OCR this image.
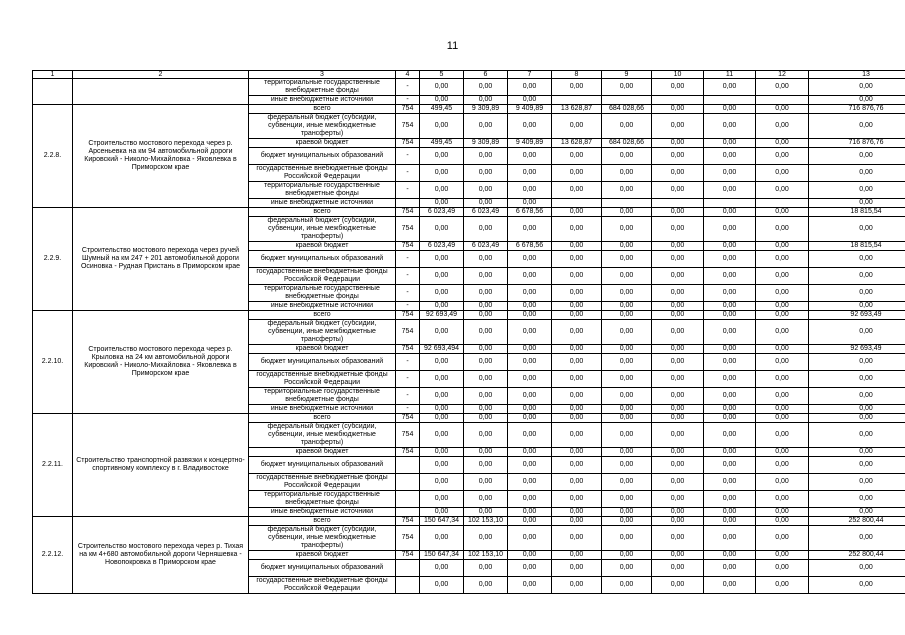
11
1	2	3	4	5	6	7	8	9	10	11	12	13
		территориальные государственные внебюджетные фонды	-	0,00	0,00	0,00	0,00	0,00	0,00	0,00	0,00	0,00
		иные внебюджетные источники	-	0,00	0,00	0,00						0,00
2.2.8.	Строительство мостового перехода через р. Арсеньевка на км 94 автомобильной дороги Кировский - Николо-Михайловка - Яковлевка в Приморском крае	всего	754	499,45	9 309,89	9 409,89	13 628,87	684 028,66	0,00	0,00	0,00	716 876,76
		федеральный бюджет (субсидии, субвенции, иные межбюджетные трансферты)	754	0,00	0,00	0,00	0,00	0,00	0,00	0,00	0,00	0,00
		краевой бюджет	754	499,45	9 309,89	9 409,89	13 628,87	684 028,66	0,00	0,00	0,00	716 876,76
		бюджет муниципальных образований	-	0,00	0,00	0,00	0,00	0,00	0,00	0,00	0,00	0,00
		государственные внебюджетные фонды Российской Федерации	-	0,00	0,00	0,00	0,00	0,00	0,00	0,00	0,00	0,00
		территориальные государственные внебюджетные фонды	-	0,00	0,00	0,00	0,00	0,00	0,00	0,00	0,00	0,00
		иные внебюджетные источники		0,00	0,00	0,00						0,00
2.2.9.	Строительство мостового перехода через ручей Шумный на км 247 + 201 автомобильной дороги Осиновка - Рудная Пристань в Приморском крае	всего	754	6 023,49	6 023,49	6 678,56	0,00	0,00	0,00	0,00	0,00	18 815,54
		федеральный бюджет (субсидии, субвенции, иные межбюджетные трансферты)	754	0,00	0,00	0,00	0,00	0,00	0,00	0,00	0,00	0,00
		краевой бюджет	754	6 023,49	6 023,49	6 678,56	0,00	0,00	0,00	0,00	0,00	18 815,54
		бюджет муниципальных образований	-	0,00	0,00	0,00	0,00	0,00	0,00	0,00	0,00	0,00
		государственные внебюджетные фонды Российской Федерации	-	0,00	0,00	0,00	0,00	0,00	0,00	0,00	0,00	0,00
		территориальные государственные внебюджетные фонды	-	0,00	0,00	0,00	0,00	0,00	0,00	0,00	0,00	0,00
		иные внебюджетные источники	-	0,00	0,00	0,00	0,00	0,00	0,00	0,00	0,00	0,00
2.2.10.	Строительство мостового перехода через р. Крыловка на 24 км автомобильной дороги Кировский - Николо-Михайловка - Яковлевка в Приморском крае	всего	754	92 693,49	0,00	0,00	0,00	0,00	0,00	0,00	0,00	92 693,49
		федеральный бюджет (субсидии, субвенции, иные межбюджетные трансферты)	754	0,00	0,00	0,00	0,00	0,00	0,00	0,00	0,00	0,00
		краевой бюджет	754	92 693,494	0,00	0,00	0,00	0,00	0,00	0,00	0,00	92 693,49
		бюджет муниципальных образований	-	0,00	0,00	0,00	0,00	0,00	0,00	0,00	0,00	0,00
		государственные внебюджетные фонды Российской Федерации	-	0,00	0,00	0,00	0,00	0,00	0,00	0,00	0,00	0,00
		территориальные государственные внебюджетные фонды	-	0,00	0,00	0,00	0,00	0,00	0,00	0,00	0,00	0,00
		иные внебюджетные источники	-	0,00	0,00	0,00	0,00	0,00	0,00	0,00	0,00	0,00
2.2.11.	Строительство транспортной развязки к концертно- спортивному комплексу в г. Владивостоке	всего	754	0,00	0,00	0,00	0,00	0,00	0,00	0,00	0,00	0,00
		федеральный бюджет (субсидии, субвенции, иные межбюджетные трансферты)	754	0,00	0,00	0,00	0,00	0,00	0,00	0,00	0,00	0,00
		краевой бюджет	754	0,00	0,00	0,00	0,00	0,00	0,00	0,00	0,00	0,00
		бюджет муниципальных образований		0,00	0,00	0,00	0,00	0,00	0,00	0,00	0,00	0,00
		государственные внебюджетные фонды Российской Федерации		0,00	0,00	0,00	0,00	0,00	0,00	0,00	0,00	0,00
		территориальные государственные внебюджетные фонды		0,00	0,00	0,00	0,00	0,00	0,00	0,00	0,00	0,00
		иные внебюджетные источники		0,00	0,00	0,00	0,00	0,00	0,00	0,00	0,00	0,00
2.2.12.	Строительство мостового перехода через р. Тихая на км 4+680 автомобильной дороги Черняшевка - Новопокровка в Приморском крае	всего	754	150 647,34	102 153,10	0,00	0,00	0,00	0,00	0,00	0,00	252 800,44
		федеральный бюджет (субсидии, субвенции, иные межбюджетные трансферты)	754	0,00	0,00	0,00	0,00	0,00	0,00	0,00	0,00	0,00
		краевой бюджет	754	150 647,34	102 153,10	0,00	0,00	0,00	0,00	0,00	0,00	252 800,44
		бюджет муниципальных образований		0,00	0,00	0,00	0,00	0,00	0,00	0,00	0,00	0,00
		государственные внебюджетные фонды Российской Федерации		0,00	0,00	0,00	0,00	0,00	0,00	0,00	0,00	0,00
